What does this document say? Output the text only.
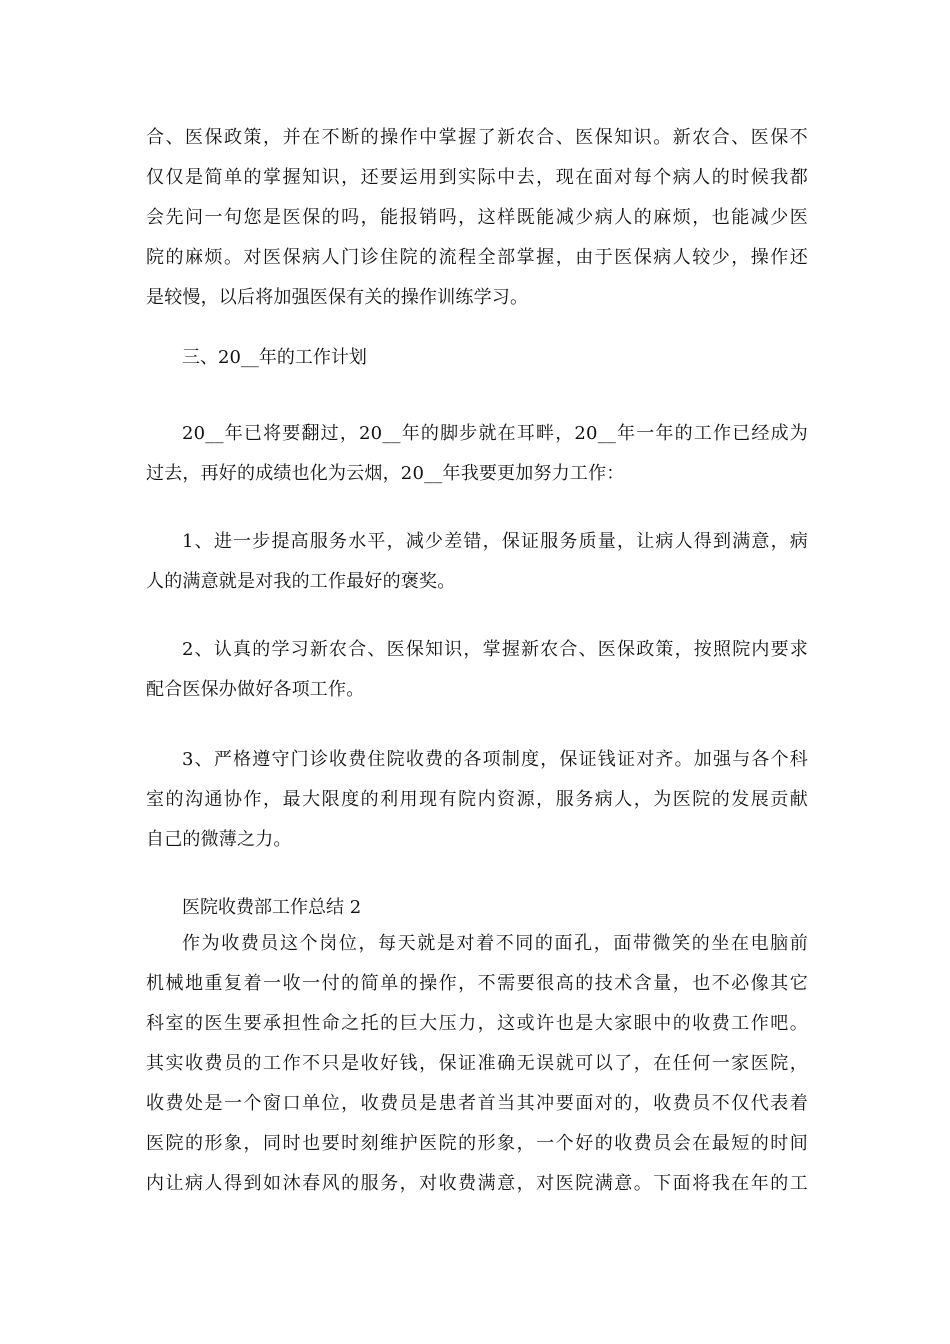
合、医保政策，并在不断的操作中掌握了新农合、医保知识。新农合、医保不
仅仅是简单的掌握知识，还要运用到实际中去，现在面对每个病人的时候我都
会先问一句您是医保的吗，能报销吗，这样既能减少病人的麻烦，也能减少医
院的麻烦。对医保病人门诊住院的流程全部掌握，由于医保病人较少，操作还
是较慢，以后将加强医保有关的操作训练学习。
三、20__年的工作计划
20__年已将要翻过，20__年的脚步就在耳畔，20__年一年的工作已经成为
过去，再好的成绩也化为云烟，20__年我要更加努力工作：
1、进一步提高服务水平，减少差错，保证服务质量，让病人得到满意，病
人的满意就是对我的工作最好的褒奖。
2、认真的学习新农合、医保知识，掌握新农合、医保政策，按照院内要求
配合医保办做好各项工作。
3、严格遵守门诊收费住院收费的各项制度，保证钱证对齐。加强与各个科
室的沟通协作，最大限度的利用现有院内资源，服务病人，为医院的发展贡献
自己的微薄之力。
医院收费部工作总结 2
作为收费员这个岗位，每天就是对着不同的面孔，面带微笑的坐在电脑前
机械地重复着一收一付的简单的操作，不需要很高的技术含量，也不必像其它
科室的医生要承担性命之托的巨大压力，这或许也是大家眼中的收费工作吧。
其实收费员的工作不只是收好钱，保证准确无误就可以了，在任何一家医院，
收费处是一个窗口单位，收费员是患者首当其冲要面对的，收费员不仅代表着
医院的形象，同时也要时刻维护医院的形象，一个好的收费员会在最短的时间
内让病人得到如沐春风的服务，对收费满意，对医院满意。下面将我在年的工
